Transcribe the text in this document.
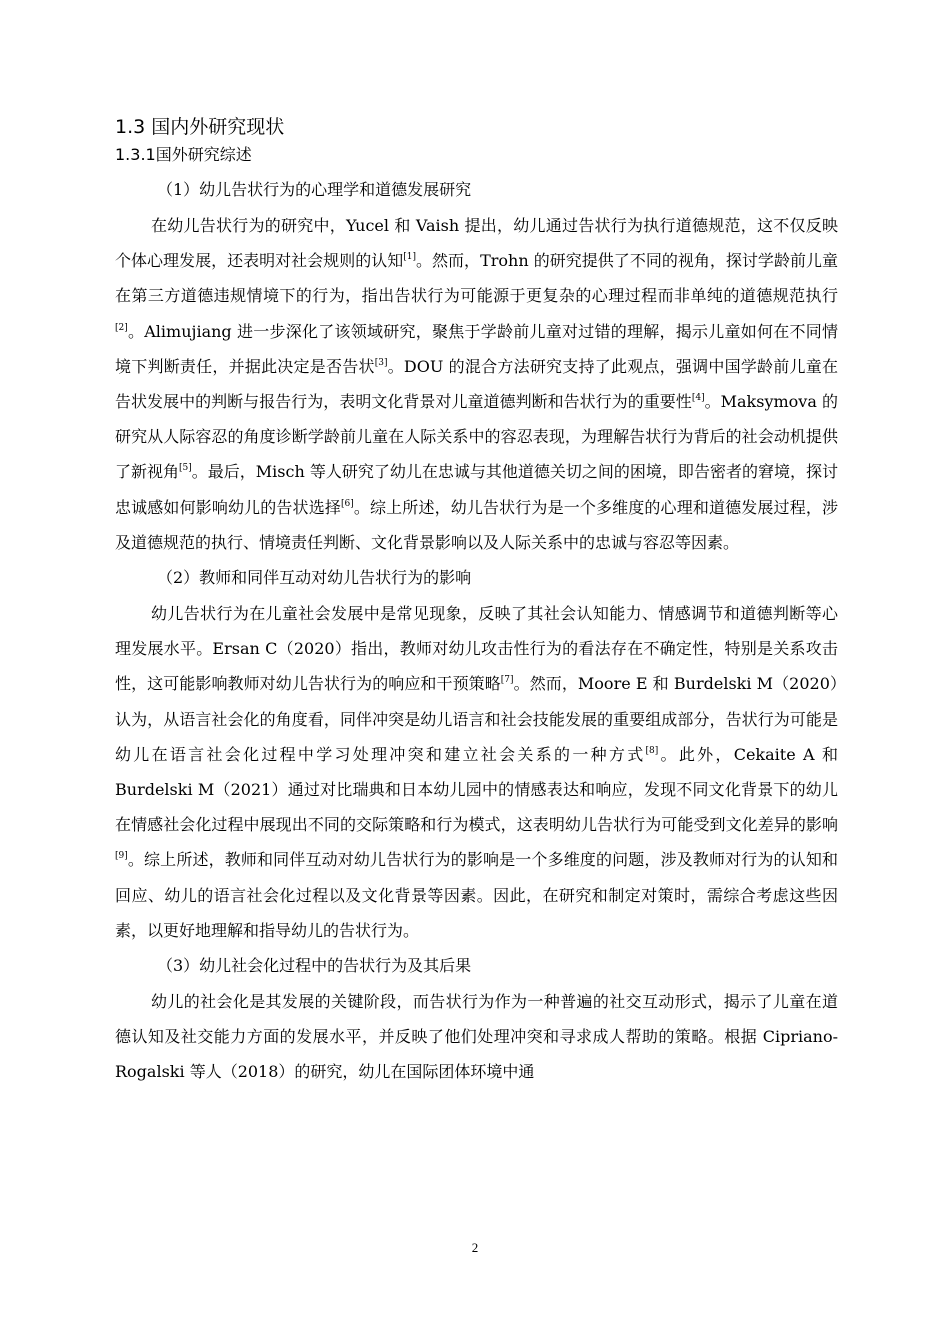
1.3 国内外研究现状
1.3.1国外研究综述

（1）幼儿告状行为的心理学和道德发展研究

在幼儿告状行为的研究中，Yucel 和 Vaish 提出，幼儿通过告状行为执行道德规范，这不仅反映个体心理发展，还表明对社会规则的认知[1]。然而，Trohn 的研究提供了不同的视角，探讨学龄前儿童在第三方道德违规情境下的行为，指出告状行为可能源于更复杂的心理过程而非单纯的道德规范执行[2]。Alimujiang 进一步深化了该领域研究，聚焦于学龄前儿童对过错的理解，揭示儿童如何在不同情境下判断责任，并据此决定是否告状[3]。DOU 的混合方法研究支持了此观点，强调中国学龄前儿童在告状发展中的判断与报告行为，表明文化背景对儿童道德判断和告状行为的重要性[4]。Maksymova 的研究从人际容忍的角度诊断学龄前儿童在人际关系中的容忍表现，为理解告状行为背后的社会动机提供了新视角[5]。最后，Misch 等人研究了幼儿在忠诚与其他道德关切之间的困境，即告密者的窘境，探讨忠诚感如何影响幼儿的告状选择[6]。综上所述，幼儿告状行为是一个多维度的心理和道德发展过程，涉及道德规范的执行、情境责任判断、文化背景影响以及人际关系中的忠诚与容忍等因素。

（2）教师和同伴互动对幼儿告状行为的影响

幼儿告状行为在儿童社会发展中是常见现象，反映了其社会认知能力、情感调节和道德判断等心理发展水平。Ersan C（2020）指出，教师对幼儿攻击性行为的看法存在不确定性，特别是关系攻击性，这可能影响教师对幼儿告状行为的响应和干预策略[7]。然而，Moore E 和 Burdelski M（2020）认为，从语言社会化的角度看，同伴冲突是幼儿语言和社会技能发展的重要组成部分，告状行为可能是幼儿在语言社会化过程中学习处理冲突和建立社会关系的一种方式[8]。此外，Cekaite A 和 Burdelski M（2021）通过对比瑞典和日本幼儿园中的情感表达和响应，发现不同文化背景下的幼儿在情感社会化过程中展现出不同的交际策略和行为模式，这表明幼儿告状行为可能受到文化差异的影响[9]。综上所述，教师和同伴互动对幼儿告状行为的影响是一个多维度的问题，涉及教师对行为的认知和回应、幼儿的语言社会化过程以及文化背景等因素。因此，在研究和制定对策时，需综合考虑这些因素，以更好地理解和指导幼儿的告状行为。

（3）幼儿社会化过程中的告状行为及其后果

幼儿的社会化是其发展的关键阶段，而告状行为作为一种普遍的社交互动形式，揭示了儿童在道德认知及社交能力方面的发展水平，并反映了他们处理冲突和寻求成人帮助的策略。根据 Cipriano-Rogalski 等人（2018）的研究，幼儿在国际团体环境中通

2
